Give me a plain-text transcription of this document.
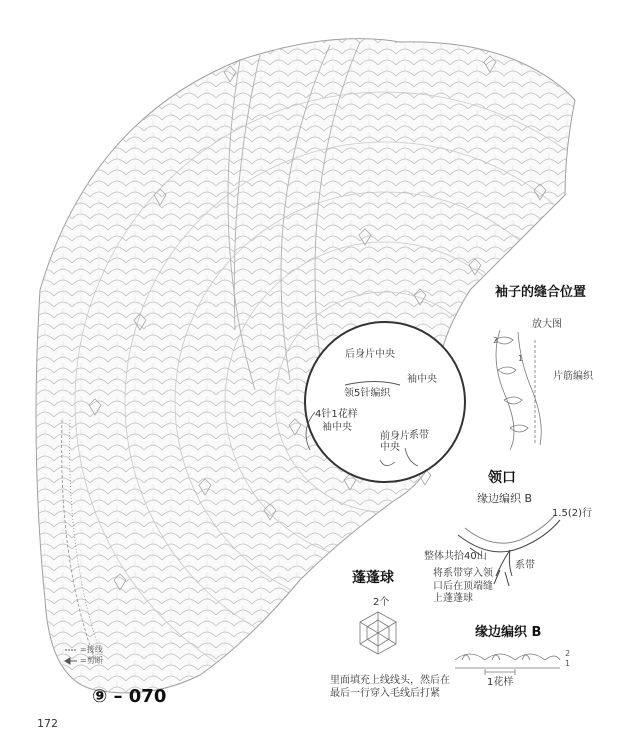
后身片中央
袖中央
领5针编织
4针1花样
袖中央
前身片
中央
系带
袖子的缝合位置
放大图
片筋编织
2
1
领口
缘边编织 B
1.5(2)行
整体共拾40山
系带
将系带穿入领
口后在顶端缝
上蓬蓬球
蓬蓬球
2个
里面填充上线线头，然后在
最后一行穿入毛线后打紧
缘边编织 B
1花样
2
1
=接线
=剪断
⑨ – 070
172
